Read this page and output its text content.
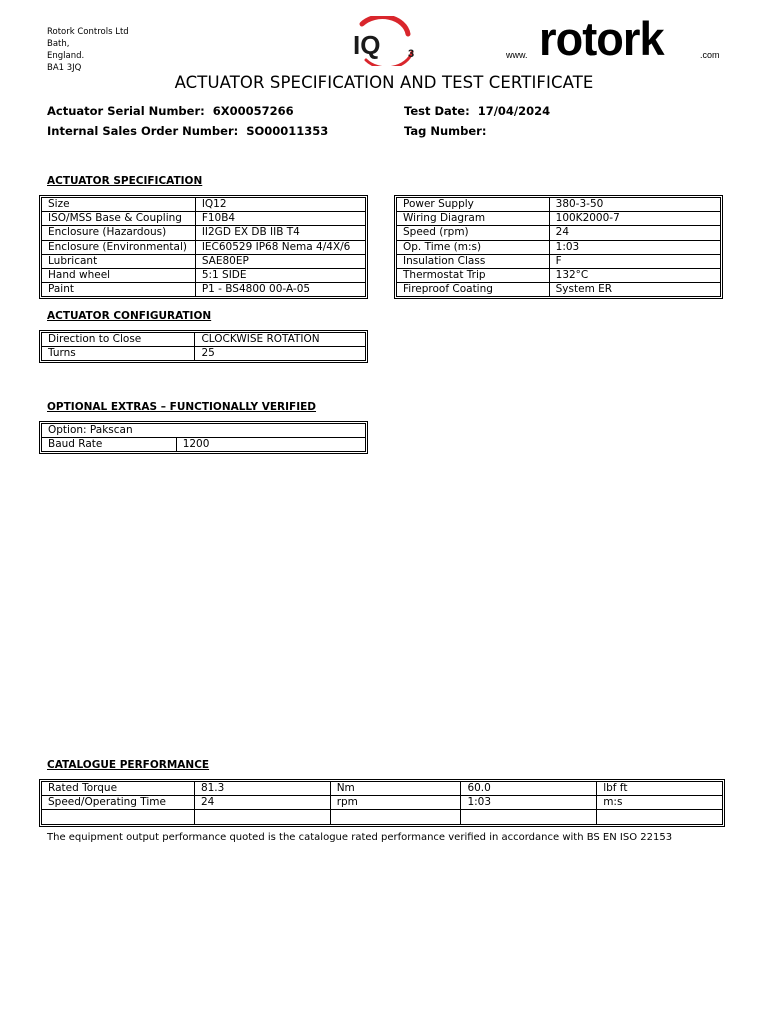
Rotork Controls Ltd
Bath,
England.
BA1 3JQ
IQ	3	www. rotork	.com
ACTUATOR SPECIFICATION AND TEST CERTIFICATE
Actuator Serial Number: 6X00057266	Test Date: 17/04/2024
Internal Sales Order Number: SO00011353	Tag Number:
ACTUATOR SPECIFICATION
Size	IQ12
ISO/MSS Base & Coupling	F10B4
Enclosure (Hazardous)	II2GD EX DB IIB T4
Enclosure (Environmental)	IEC60529 IP68 Nema 4/4X/6
Lubricant	SAE80EP
Hand wheel	5:1 SIDE
Paint	P1 - BS4800 00-A-05
Power Supply	380-3-50
Wiring Diagram	100K2000-7
Speed (rpm)	24
Op. Time (m:s)	1:03
Insulation Class	F
Thermostat Trip	132°C
Fireproof Coating	System ER
ACTUATOR CONFIGURATION
Direction to Close	CLOCKWISE ROTATION
Turns	25
OPTIONAL EXTRAS – FUNCTIONALLY VERIFIED
Option: Pakscan
Baud Rate	1200
CATALOGUE PERFORMANCE
Rated Torque	81.3	Nm	60.0	lbf ft
Speed/Operating Time	24	rpm	1:03	m:s

The equipment output performance quoted is the catalogue rated performance verified in accordance with BS EN ISO 22153
